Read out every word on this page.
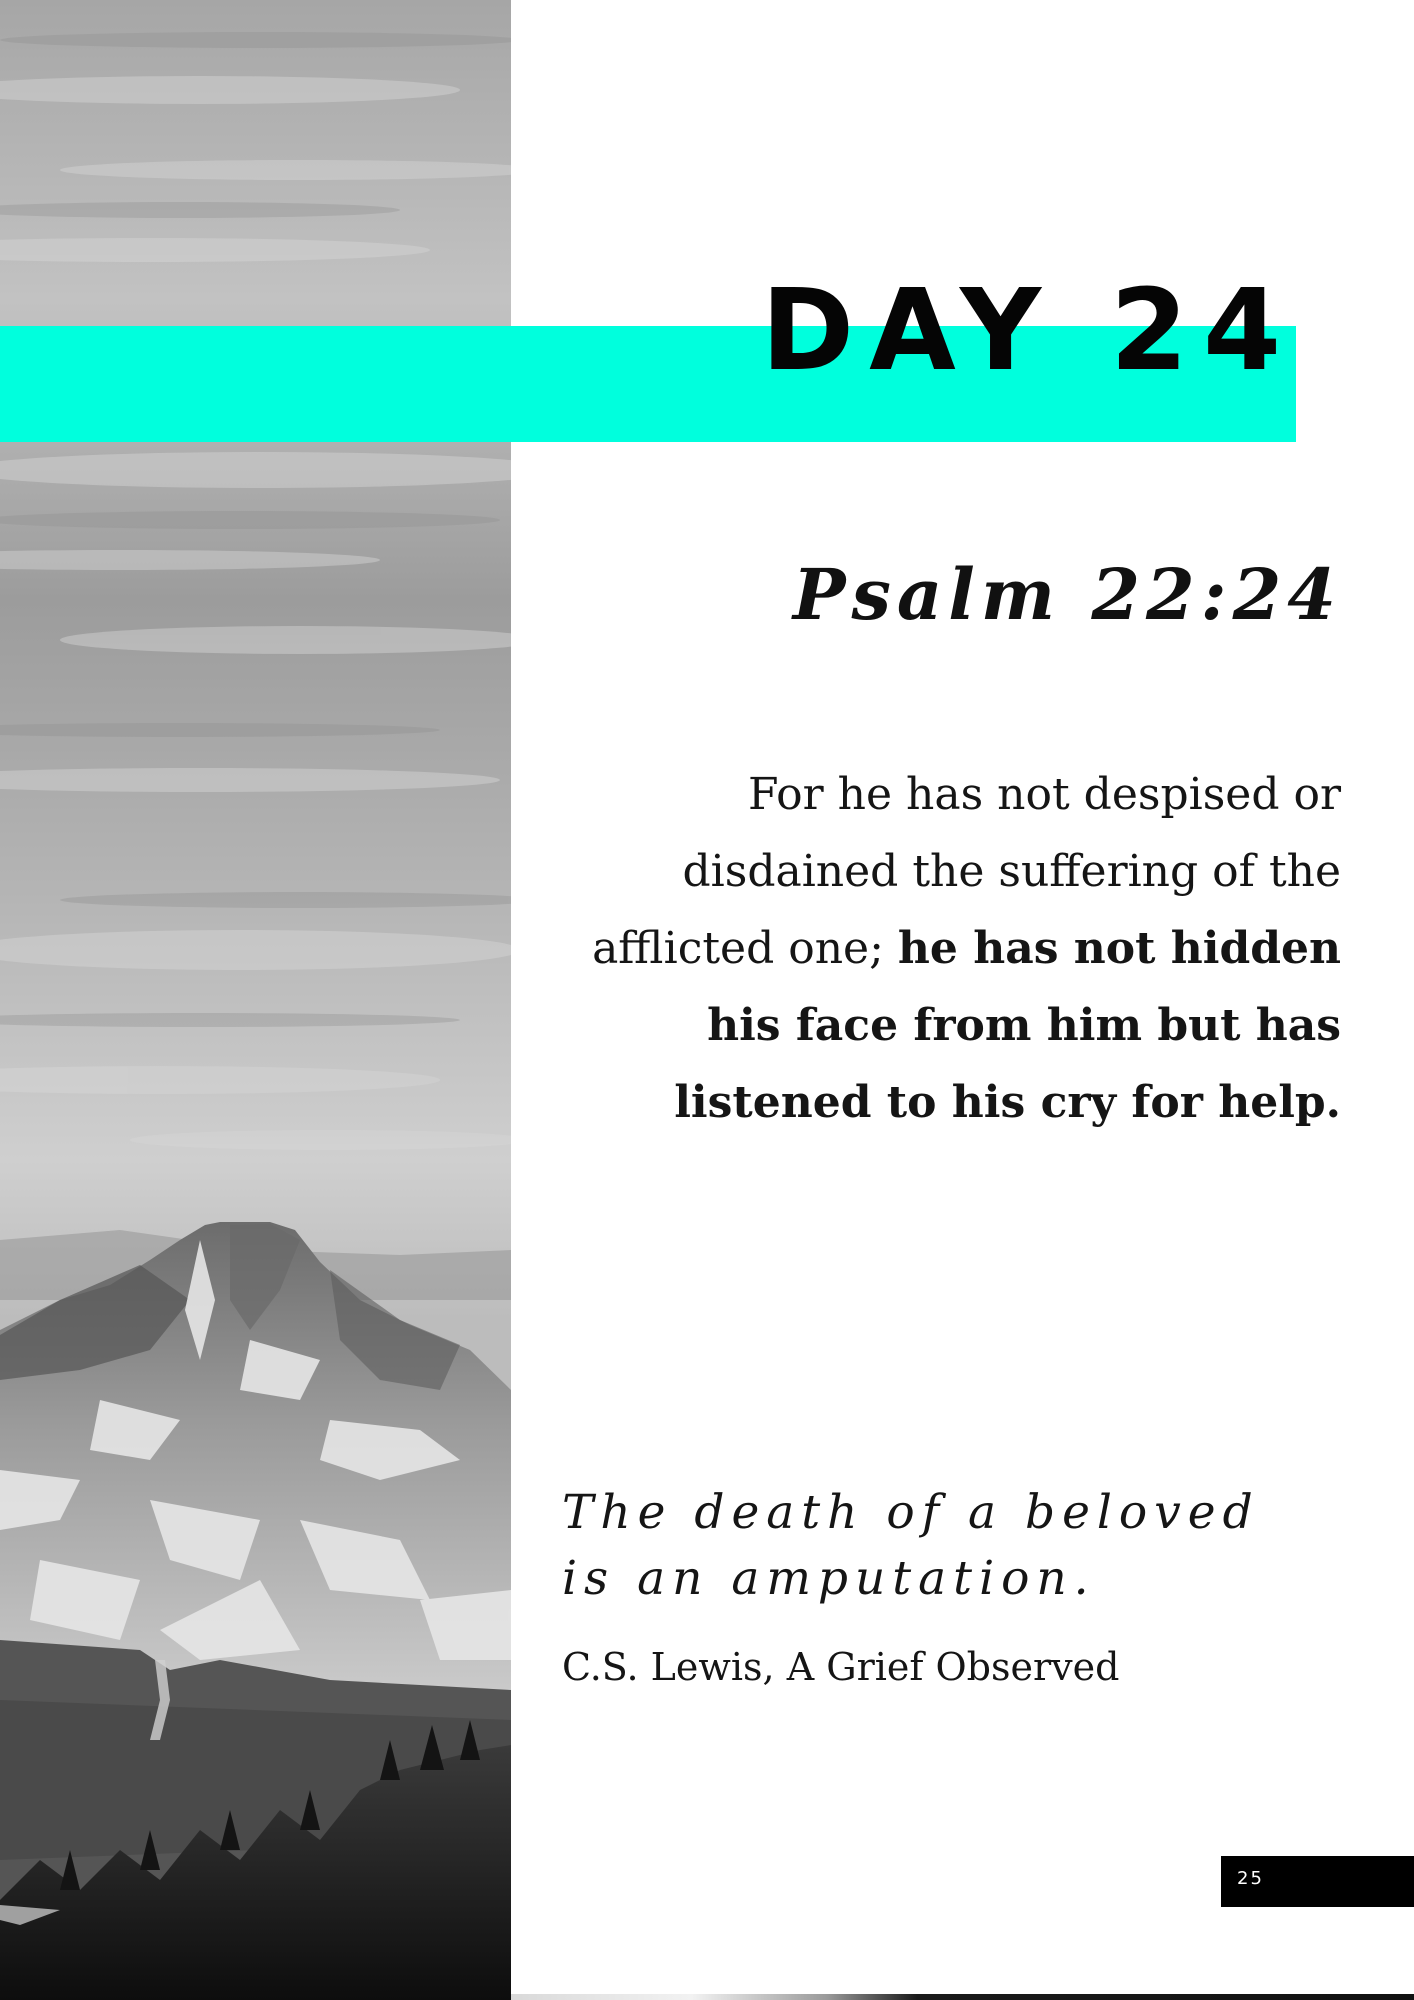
DAY 24
Psalm 22:24

For he has not despised or disdained the suffering of the afflicted one; he has not hidden his face from him but has listened to his cry for help.

The death of a beloved is an amputation.

C.S. Lewis, A Grief Observed

25
